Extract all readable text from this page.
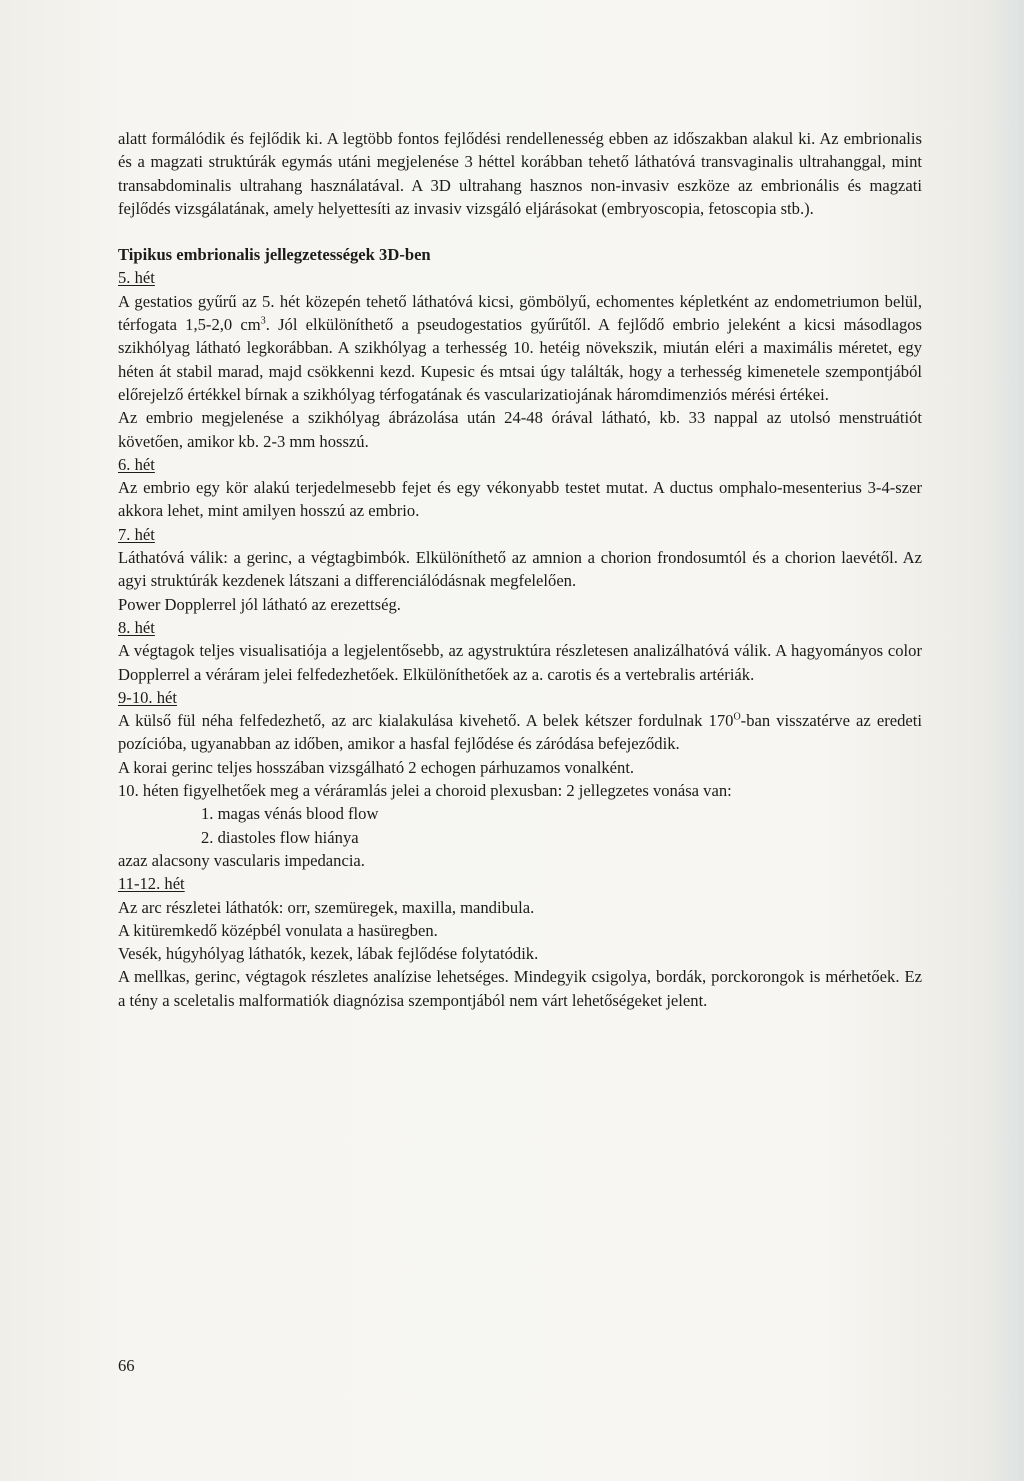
alatt formálódik és fejlődik ki. A legtöbb fontos fejlődési rendellenesség ebben az időszakban alakul ki. Az embrionalis és a magzati struktúrák egymás utáni megjelenése 3 héttel korábban tehető láthatóvá transvaginalis ultrahanggal, mint transabdominalis ultrahang használatával. A 3D ultrahang hasznos non-invasiv eszköze az embrionális és magzati fejlődés vizsgálatának, amely helyettesíti az invasiv vizsgáló eljárásokat (embryoscopia, fetoscopia stb.).

Tipikus embrionalis jellegzetességek 3D-ben

5. hét

A gestatios gyűrű az 5. hét közepén tehető láthatóvá kicsi, gömbölyű, echomentes képletként az endometriumon belül, térfogata 1,5-2,0 $cm^3$. Jól elkülöníthető a pseudogestatios gyűrűtől. A fejlődő embrio jeleként a kicsi másodlagos szikhólyag látható legkorábban. A szikhólyag a terhesség 10. hetéig növekszik, miután eléri a maximális méretet, egy héten át stabil marad, majd csökkenni kezd. Kupesic és mtsai úgy találták, hogy a terhesség kimenetele szempontjából előrejelző értékkel bírnak a szikhólyag térfogatának és vascularizatiojának háromdimenziós mérési értékei.

Az embrio megjelenése a szikhólyag ábrázolása után 24-48 órával látható, kb. 33 nappal az utolsó menstruátiót követően, amikor kb. 2-3 mm hosszú.

6. hét

Az embrio egy kör alakú terjedelmesebb fejet és egy vékonyabb testet mutat. A ductus omphalo-mesenterius 3-4-szer akkora lehet, mint amilyen hosszú az embrio.

7. hét

Láthatóvá válik: a gerinc, a végtagbimbók. Elkülöníthető az amnion a chorion frondosumtól és a chorion laevétől. Az agyi struktúrák kezdenek látszani a differenciálódásnak megfelelően.

Power Dopplerrel jól látható az erezettség.

8. hét

A végtagok teljes visualisatiója a legjelentősebb, az agystruktúra részletesen analizálhatóvá válik. A hagyományos color Dopplerrel a véráram jelei felfedezhetőek. Elkülöníthetőek az a. carotis és a vertebralis artériák.

9-10. hét

A külső fül néha felfedezhető, az arc kialakulása kivehető. A belek kétszer fordulnak $170^O$-ban visszatérve az eredeti pozícióba, ugyanabban az időben, amikor a hasfal fejlődése és záródása befejeződik.

A korai gerinc teljes hosszában vizsgálható 2 echogen párhuzamos vonalként.

10. héten figyelhetőek meg a véráramlás jelei a choroid plexusban: 2 jellegzetes vonása van:

1. magas vénás blood flow

2. diastoles flow hiánya

azaz alacsony vascularis impedancia.

11-12. hét

Az arc részletei láthatók: orr, szemüregek, maxilla, mandibula.

A kitüremkedő középbél vonulata a hasüregben.

Vesék, húgyhólyag láthatók, kezek, lábak fejlődése folytatódik.

A mellkas, gerinc, végtagok részletes analízise lehetséges. Mindegyik csigolya, bordák, porckorongok is mérhetőek. Ez a tény a sceletalis malformatiók diagnózisa szempontjából nem várt lehetőségeket jelent.

66
